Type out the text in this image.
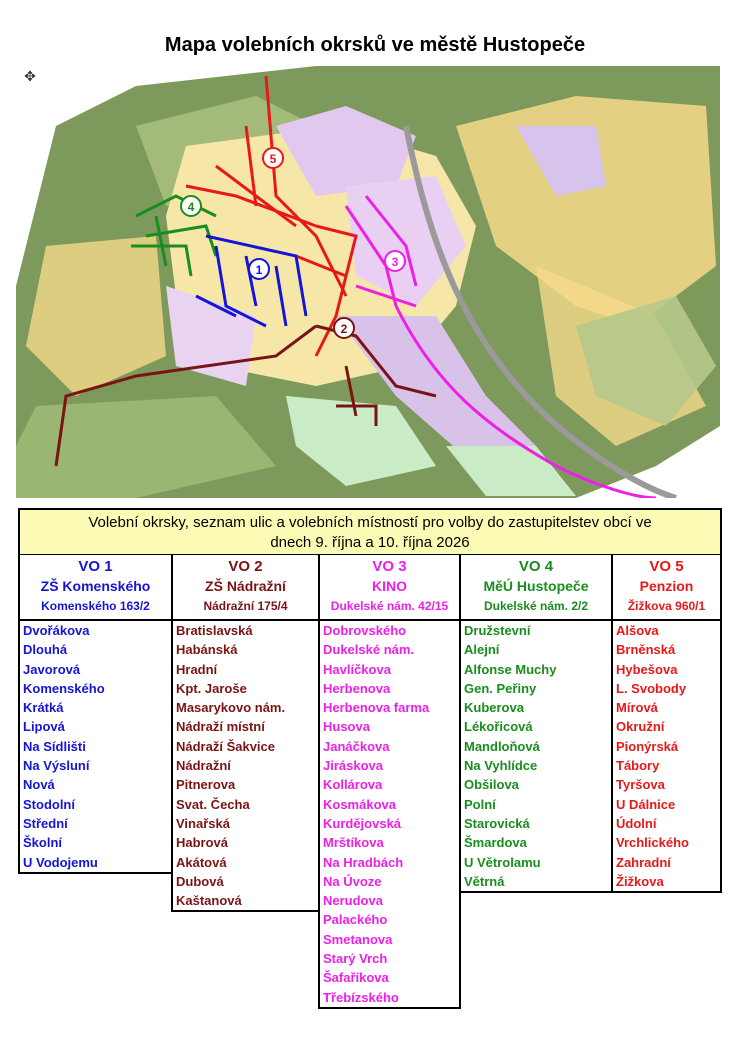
Mapa volebních okrsků ve městě Hustopeče
1
2
3
4
5
✥
Volební okrsky, seznam ulic a volebních místností pro volby do zastupitelstev obcí ve
dnech 9. října a 10. října 2026
VO 1
ZŠ Komenského
Komenského 163/2
Dvořákova
Dlouhá
Javorová
Komenského
Krátká
Lipová
Na Sídlišti
Na Výsluní
Nová
Stodolní
Střední
Školní
U Vodojemu
VO 2
ZŠ Nádražní
Nádražní 175/4
Bratislavská
Habánská
Hradní
Kpt. Jaroše
Masarykovo nám.
Nádraží místní
Nádraží Šakvice
Nádražní
Pitnerova
Svat. Čecha
Vinařská
Habrová
Akátová
Dubová
Kaštanová
VO 3
KINO
Dukelské nám. 42/15
Dobrovského
Dukelské nám.
Havlíčkova
Herbenova
Herbenova farma
Husova
Janáčkova
Jiráskova
Kollárova
Kosmákova
Kurdějovská
Mrštíkova
Na Hradbách
Na Úvoze
Nerudova
Palackého
Smetanova
Starý Vrch
Šafaříkova
Třebízského
VO 4
MěÚ Hustopeče
Dukelské nám. 2/2
Družstevní
Alejní
Alfonse Muchy
Gen. Peřiny
Kuberova
Lékořicová
Mandloňová
Na Vyhlídce
Obšilova
Polní
Starovická
Šmardova
U Větrolamu
Větrná
VO 5
Penzion
Žižkova 960/1
Alšova
Brněnská
Hybešova
L. Svobody
Mírová
Okružní
Pionýrská
Tábory
Tyršova
U Dálnice
Údolní
Vrchlického
Zahradní
Žižkova
